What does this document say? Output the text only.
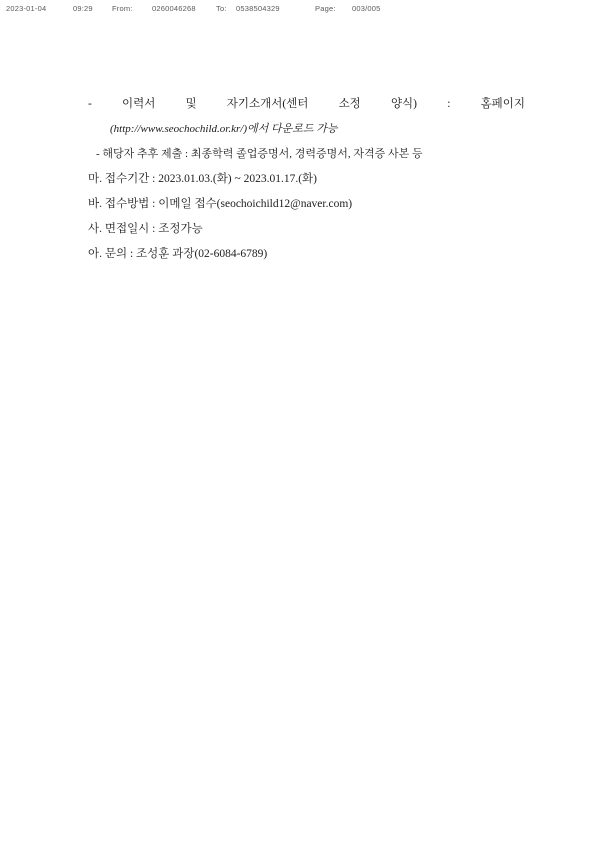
2023-01-04	09:29	From:	0260046268	To: 0538504329	Page: 003/005
-	이력서	및	자기소개서(센터	소정	양식)	:	홈페이지
(http://www.seochochild.or.kr/)에서 다운로드 가능
- 해당자 추후 제출 : 최종학력 졸업증명서, 경력증명서, 자격증 사본 등
마. 접수기간 : 2023.01.03.(화) ~ 2023.01.17.(화)
바. 접수방법 : 이메일 접수(seochoichild12@naver.com)
사. 면접일시 : 조정가능
아. 문의 : 조성훈 과장(02-6084-6789)
